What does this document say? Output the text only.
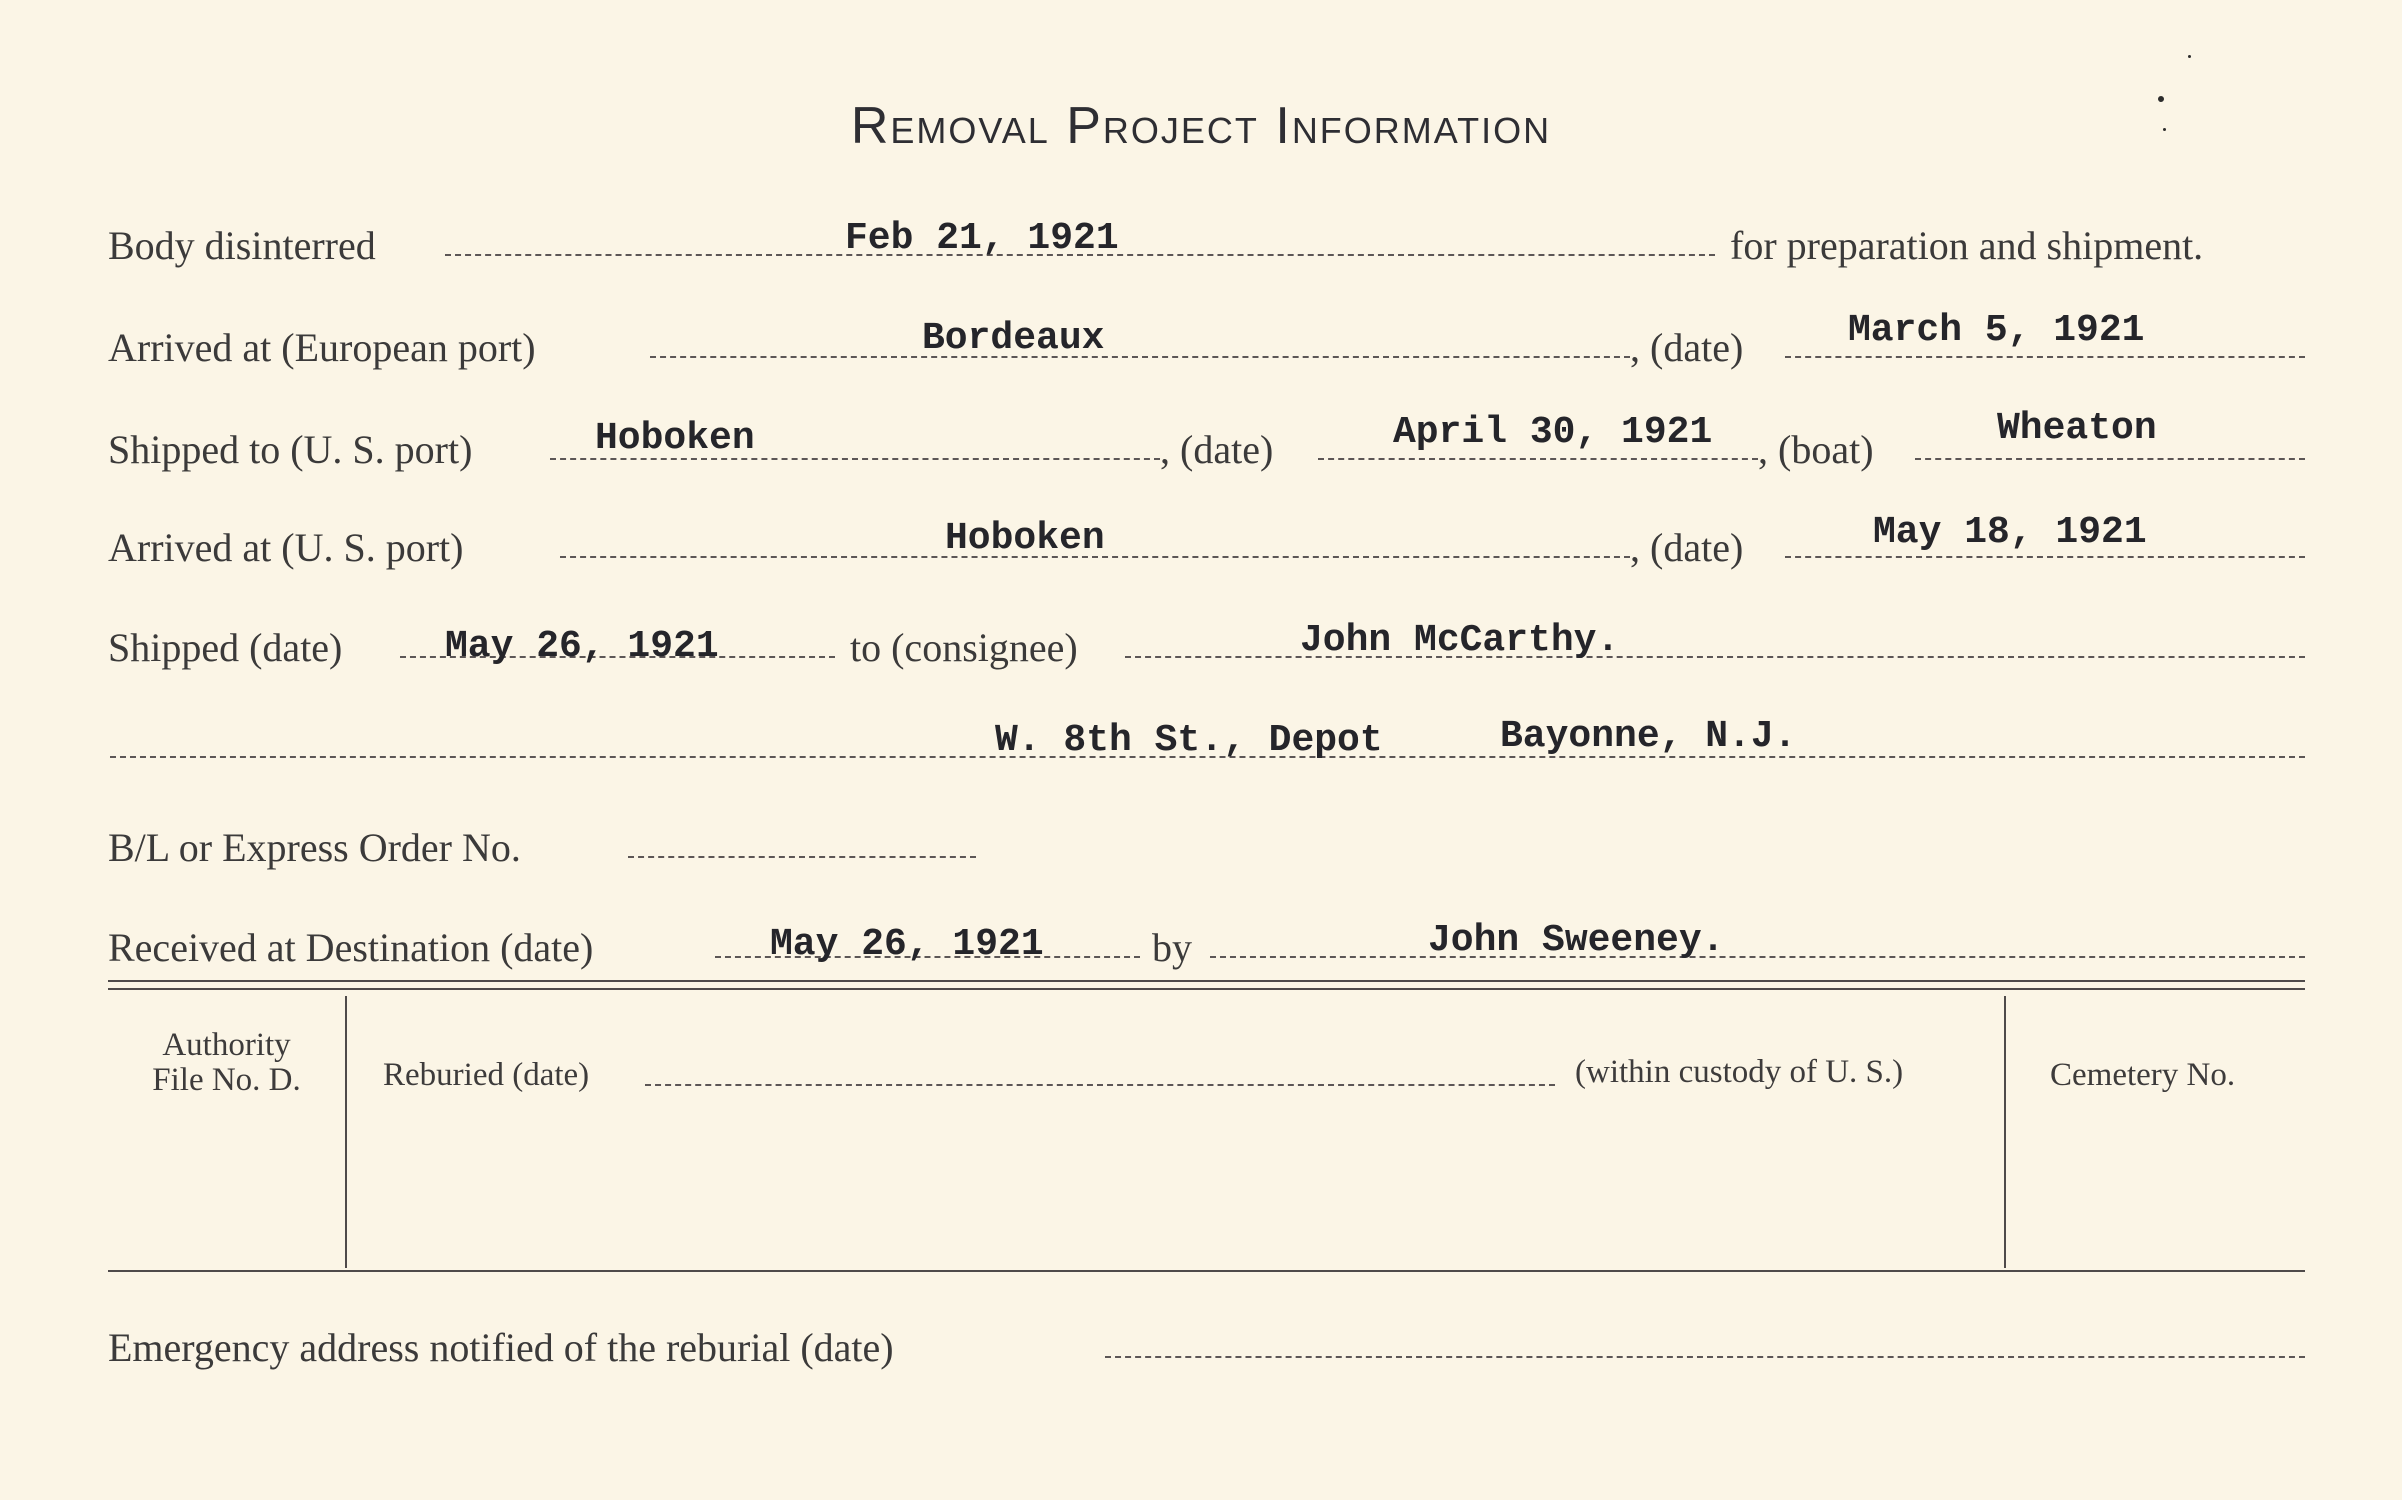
Removal Project Information
Body disinterred	Feb 21, 1921	for preparation and shipment.
Arrived at (European port)	Bordeaux	, (date)	March 5, 1921
Shipped to (U. S. port)	Hoboken	, (date)	April 30, 1921 , (boat)	Wheaton
Arrived at (U. S. port)	Hoboken	, (date)	May 18, 1921
Shipped (date)	May 26, 1921	to (consignee)	John McCarthy.
W. 8th St., Depot	Bayonne, N.J.
B/L or Express Order No.
Received at Destination (date)	May 26, 1921	by	John Sweeney.
Authority
File No. D.	Reburied (date)	(within custody of U. S.)	Cemetery No.
Emergency address notified of the reburial (date)
